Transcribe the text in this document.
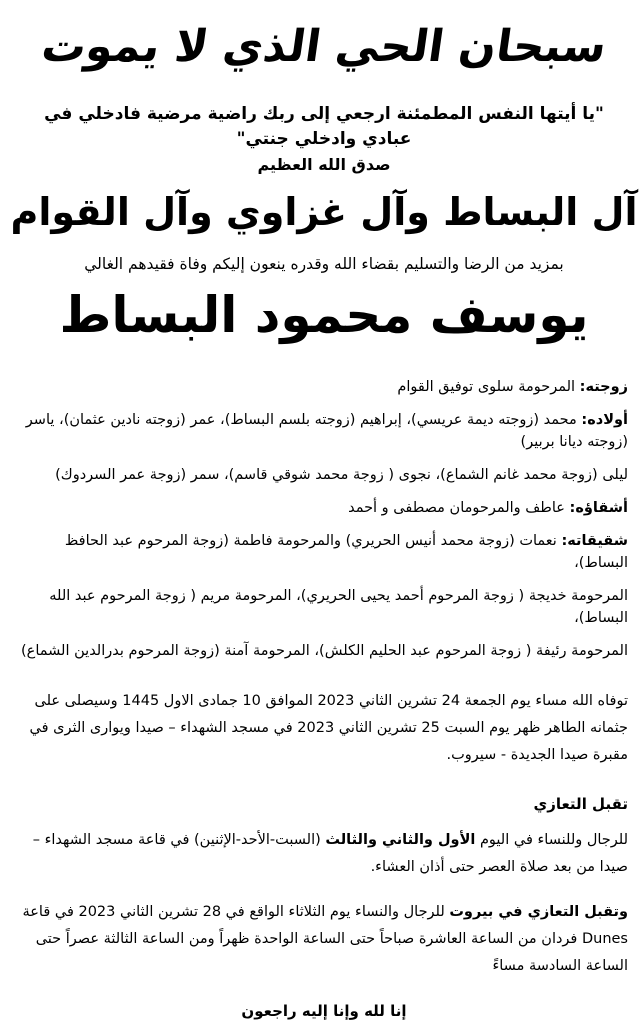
سبحان الحي الذي لا يموت
"يا أيتها النفس المطمئنة ارجعي إلى ربك راضية مرضية فادخلي في عبادي وادخلي جنتي"
صدق الله العظيم
آل البساط وآل غزاوي وآل القوام
بمزيد من الرضا والتسليم بقضاء الله وقدره ينعون إليكم وفاة فقيدهم الغالي
يوسف محمود البساط
زوجته: المرحومة سلوى توفيق القوام
أولاده: محمد (زوجته ديمة عريسي)، إبراهيم (زوجته بلسم البساط)، عمر (زوجته نادين عثمان)، ياسر (زوجته ديانا بربير)
ليلى (زوجة محمد غانم الشماع)، نجوى ( زوجة محمد شوقي قاسم)، سمر (زوجة عمر السردوك)
أشقاؤه: عاطف والمرحومان مصطفى و أحمد
شقيقاته: نعمات (زوجة محمد أنيس الحريري) والمرحومة فاطمة (زوجة المرحوم عبد الحافظ البساط)،
المرحومة خديجة ( زوجة المرحوم أحمد يحيى الحريري)، المرحومة مريم ( زوجة المرحوم عبد الله البساط)،
المرحومة رئيفة ( زوجة المرحوم عبد الحليم الكلش)، المرحومة آمنة (زوجة المرحوم بدرالدين الشماع)
توفاه الله مساء يوم الجمعة 24 تشرين الثاني 2023 الموافق 10 جمادى الاول 1445 وسيصلى على جثمانه الطاهر ظهر يوم السبت 25 تشرين الثاني 2023 في مسجد الشهداء – صيدا ويوارى الثرى في مقبرة صيدا الجديدة - سيروب.
تقبل التعازي
للرجال وللنساء في اليوم الأول والثاني والثالث (السبت-الأحد-الإثنين) في قاعة مسجد الشهداء – صيدا من بعد صلاة العصر حتى أذان العشاء.
وتقبل التعازي في بيروت للرجال والنساء يوم الثلاثاء الواقع في 28 تشرين الثاني 2023 في قاعة Dunes فردان من الساعة العاشرة صباحاً حتى الساعة الواحدة ظهراً ومن الساعة الثالثة عصراً حتى الساعة السادسة مساءً
إنا لله وإنا إليه راجعون
